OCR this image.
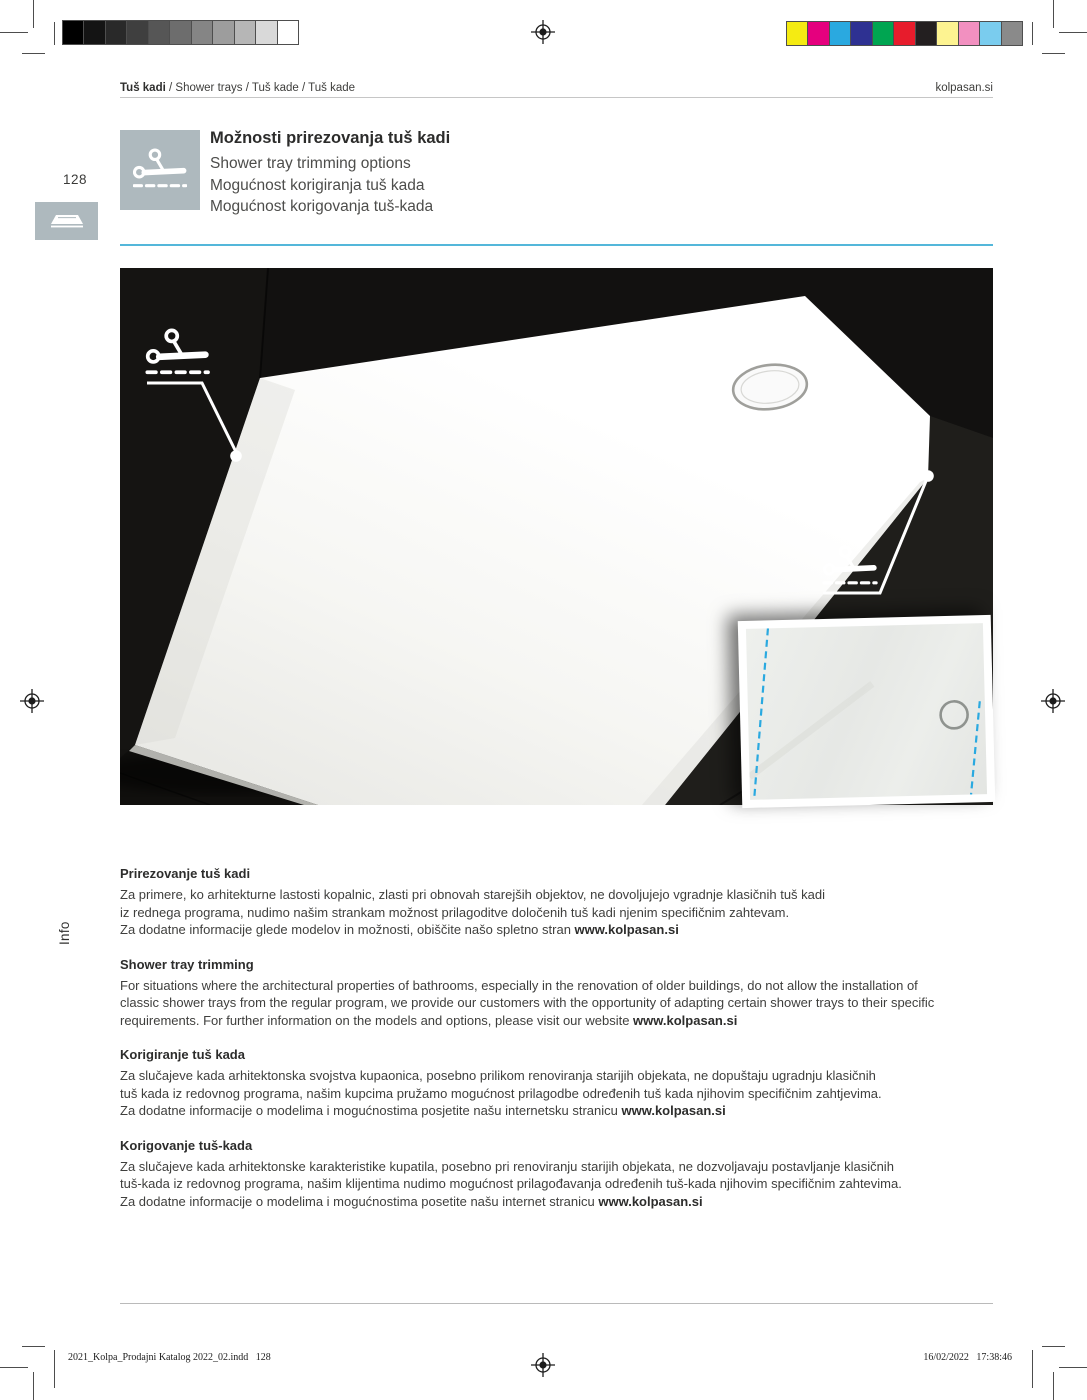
Tuš kadi / Shower trays / Tuš kade / Tuš kade	kolpasan.si
128
Info
Možnosti prirezovanja tuš kadi
Shower tray trimming options
Mogućnost korigiranja tuš kada
Mogućnost korigovanja tuš-kada
Prirezovanje tuš kadi
Za primere, ko arhitekturne lastosti kopalnic, zlasti pri obnovah starejših objektov, ne dovoljujejo vgradnje klasičnih tuš kadi
iz rednega programa, nudimo našim strankam možnost prilagoditve določenih tuš kadi njenim specifičnim zahtevam.
Za dodatne informacije glede modelov in možnosti, obiščite našo spletno stran www.kolpasan.si
Shower tray trimming
For situations where the architectural properties of bathrooms, especially in the renovation of older buildings, do not allow the installation of
classic shower trays from the regular program, we provide our customers with the opportunity of adapting certain shower trays to their specific
requirements. For further information on the models and options, please visit our website www.kolpasan.si
Korigiranje tuš kada
Za slučajeve kada arhitektonska svojstva kupaonica, posebno prilikom renoviranja starijih objekata, ne dopuštaju ugradnju klasičnih
tuš kada iz redovnog programa, našim kupcima pružamo mogućnost prilagodbe određenih tuš kada njihovim specifičnim zahtjevima.
Za dodatne informacije o modelima i mogućnostima posjetite našu internetsku stranicu www.kolpasan.si
Korigovanje tuš-kada
Za slučajeve kada arhitektonske karakteristike kupatila, posebno pri renoviranju starijih objekata, ne dozvoljavaju postavljanje klasičnih
tuš-kada iz redovnog programa, našim klijentima nudimo mogućnost prilagođavanja određenih tuš-kada njihovim specifičnim zahtevima.
Za dodatne informacije o modelima i mogućnostima posetite našu internet stranicu www.kolpasan.si
2021_Kolpa_Prodajni Katalog 2022_02.indd   128	16/02/2022   17:38:46
